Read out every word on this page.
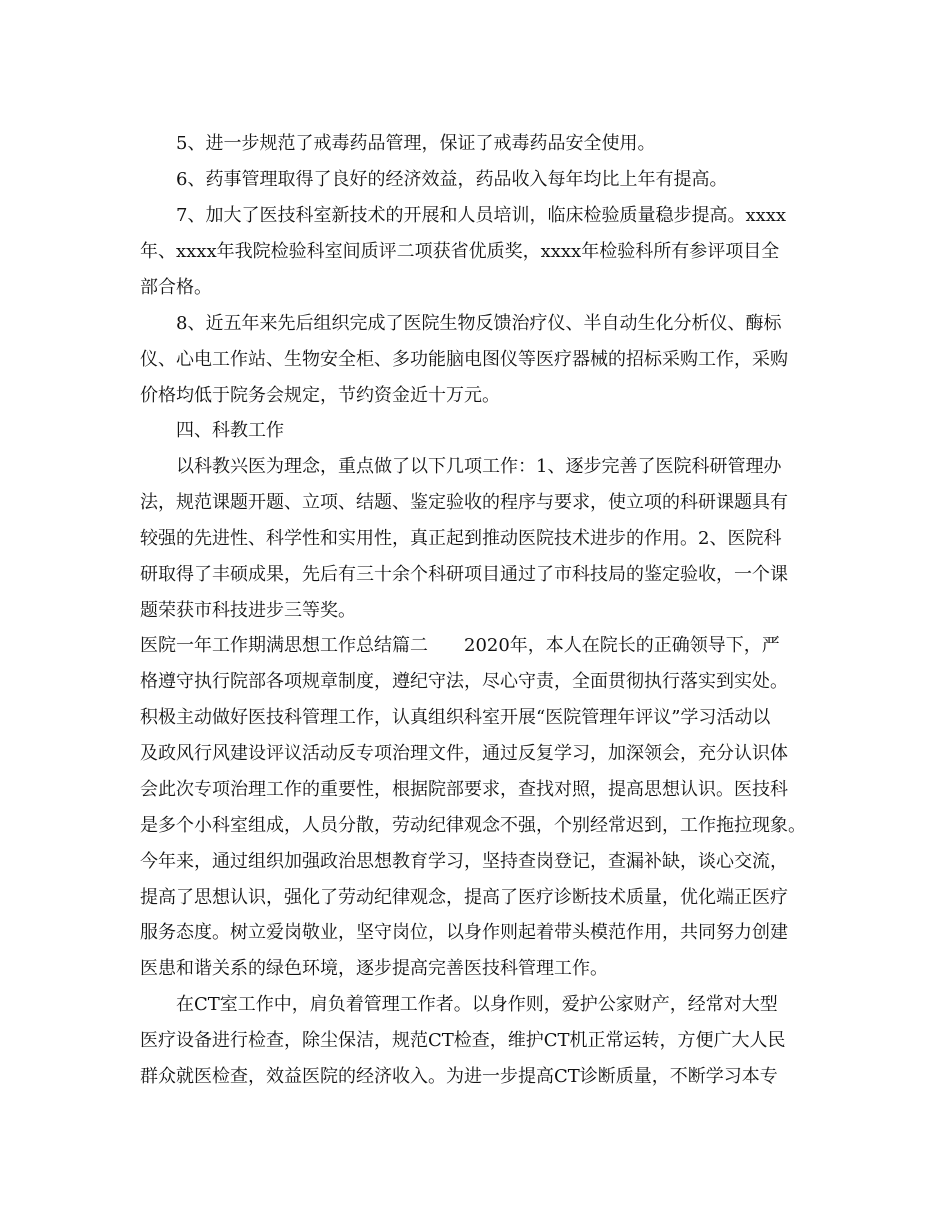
5、进一步规范了戒毒药品管理，保证了戒毒药品安全使用。
6、药事管理取得了良好的经济效益，药品收入每年均比上年有提高。
7、加大了医技科室新技术的开展和人员培训，临床检验质量稳步提高。xxxx
年、xxxx年我院检验科室间质评二项获省优质奖，xxxx年检验科所有参评项目全
部合格。
8、近五年来先后组织完成了医院生物反馈治疗仪、半自动生化分析仪、酶标
仪、心电工作站、生物安全柜、多功能脑电图仪等医疗器械的招标采购工作，采购
价格均低于院务会规定，节约资金近十万元。
四、科教工作
以科教兴医为理念，重点做了以下几项工作：1、逐步完善了医院科研管理办
法，规范课题开题、立项、结题、鉴定验收的程序与要求，使立项的科研课题具有
较强的先进性、科学性和实用性，真正起到推动医院技术进步的作用。2、医院科
研取得了丰硕成果，先后有三十余个科研项目通过了市科技局的鉴定验收，一个课
题荣获市科技进步三等奖。
医院一年工作期满思想工作总结篇二　　2020年，本人在院长的正确领导下，严
格遵守执行院部各项规章制度，遵纪守法，尽心守责，全面贯彻执行落实到实处。
积极主动做好医技科管理工作，认真组织科室开展“医院管理年评议”学习活动以
及政风行风建设评议活动反专项治理文件，通过反复学习，加深领会，充分认识体
会此次专项治理工作的重要性，根据院部要求，查找对照，提高思想认识。医技科
是多个小科室组成，人员分散，劳动纪律观念不强，个别经常迟到，工作拖拉现象。
今年来，通过组织加强政治思想教育学习，坚持查岗登记，查漏补缺，谈心交流，
提高了思想认识，强化了劳动纪律观念，提高了医疗诊断技术质量，优化端正医疗
服务态度。树立爱岗敬业，坚守岗位，以身作则起着带头模范作用，共同努力创建
医患和谐关系的绿色环境，逐步提高完善医技科管理工作。
在CT室工作中，肩负着管理工作者。以身作则，爱护公家财产，经常对大型
医疗设备进行检查，除尘保洁，规范CT检查，维护CT机正常运转，方便广大人民
群众就医检查，效益医院的经济收入。为进一步提高CT诊断质量，不断学习本专
